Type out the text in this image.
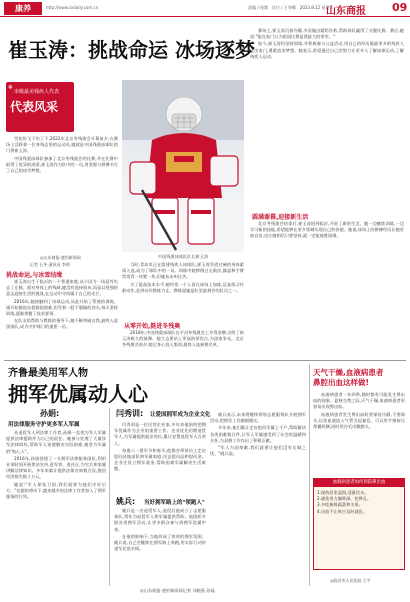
康养	http://www.sxdaily.com.cn	责编 / 视频　设计 / 王李娜　2023.8.12 星期六
山东商报 09
崔玉涛：挑战命运 冰场逐梦
❄
市级最美残疾人代表
代表风采

雪花纷飞下旬了下,2022年北京冬残奥会开幕前夕,在赛场上活跃着一位身残志坚的运动员,她就是中国残奥冰球队的门将崔玉涛。

中国残奥冰球队参加了北京冬残奥会的比赛,并在比赛中取得了优异的成绩,崔玉涛作为队中的一员,用坚强与拼搏书写了自己的冰雪梦想。

◎山东商报·速豹新闻网
记者 石冬 通讯员 李明
挑战命运,与冰雪结缘

崔玉涛出生于临沂的一个普通家庭,从小因为一场意外失去了左腿。面对身体上的残缺,她没有选择放弃,而是以坚强的意志迎接生活的挑战,在运动中寻找属于自己的光芒。

2016年,她接触到了冰球运动,从此开始了系统的训练。刚开始她连站稳都很困难,但凭着一股不服输的劲头,每天坚持训练,逐渐掌握了技术要领。

在队友的帮助与教练的指导下,她不断突破自我,最终入选国家队,成为守护球门的重要一员。

中国残奥冰球队队长崔玉涛

当时,青岛市正在组建残疾人冰球队,崔玉涛凭借过硬的身体素质入选,成为了球队中的一员。训练中她摔倒过无数次,膝盖和手臂常常青一块紫一块,但她从未叫过苦。

为了提高技术水平,她经常一个人留在冰场上加练,反复练习扑救动作,直到动作熟练为止。教练说她是队里最刻苦的队员之一。

从零开始,挺进冬残奥

2018年,中国残奥冰球队在平昌冬残奥会上夺得金牌,这给了崔玉涛极大的鼓舞。她立志要站上更高的领奖台,为国家争光。北京冬残奥会前夕,她全身心投入集训,最终入选参赛名单。

赛场上,崔玉涛沉着冷静,多次做出精彩扑救,帮助球队赢得了关键比赛。赛后,她说:"能在家门口为祖国比赛是我最大的荣幸。"

如今,崔玉涛仍坚持训练,并积极参与公益活动,用自己的经历鼓励更多的残疾人走出家门,勇敢追求梦想。她表示,希望通过自己的努力让更多人了解冰球运动,了解残疾人运动。

圆满谢幕,迎接新生活

北京冬残奥会结束后,崔玉涛回到临沂,开始了新的生活。她一边继续训练,一边学习新的技能,希望能够在更多领域实现自己的价值。她说,冰场上的拼搏经历让她更加自信,也让她相信只要坚持,就一定能战胜困难。

齐鲁最美用军人物
拥军优属动人心
孙娟:
用法律服务守护更多军人军属

从退役军人到法律工作者,孙娟一直把为军人军属提供法律援助作为自己的责任。她参与处理了大量涉军法律纠纷,帮助军人家庭解决实际困难,被誉为军属的"贴心人"。

2016年,孙娟创建了一支拥军法律服务团队,利用业余时间开展普法宣传,进军营、进社区,为官兵和家属讲解法律知识。多年来累计提供法律咨询数百次,挽回经济损失数十万元。

她说:"军人保家卫国,我们就要为他们守好后方。"在她的带动下,越来越多的法律工作者加入了拥军服务的行列。

闫秀训: 让爱国拥军成为企业文化

闫秀训是一位民营企业家,多年来他始终把拥军优属作为企业的重要工作。企业优先招聘退役军人,为军属提供就业岗位,累计安置退役军人百余人。

每逢八一建军节和春节,他都会带领员工走访慰问驻地部队和军属家庭,送去慰问品和慰问金。企业还设立拥军基金,帮助困难军属解决生活难题。

姚兵: 当好拥军路上的"领跑人"

姚兵是一名退役军人,退役后他成立了志愿服务队,常年为退役军人和军属提供帮助。他组织开展各类拥军活动,让更多群众参与到拥军优属中来。

在他的影响下,当地形成了浓厚的拥军氛围。姚兵说,自己会继续在拥军路上奔跑,用实际行动传递军民鱼水情。

姚兵表示,未来将继续带领志愿服务队开展拥军活动,把拥军工作做细做实。

多年来,他们累计走访慰问军属上千户,帮助解决各类困难数百件,让军人军属感受到了社会的温暖和关怀,为双拥工作作出了积极贡献。

"军人为国奉献,我们就要让他们没有后顾之忧。"姚兵说。

◎山东商报·速豹新闻网记者 刘晓燕 孙磊
天气干燥,血液病患者
鼻腔出血这样做!

血液病患者一年四季,随时都有可能发生鼻出血的现象。夏秋交替之际,天气干燥,血液病患者更容易出现鼻出血。

血液病患者发生鼻出血时要保持冷静,不要仰头,以免血液流入气管引起窒息。可以用手指按压鼻翼两侧,同时用冷毛巾敷额头。

血液病患者如何预防鼻出血
1.保持居室湿润,适量饮水。
2.避免用力擤鼻涕、挖鼻孔。
3.多吃新鲜蔬菜和水果。
4.出血不止时应及时就医。
◎临沂市人民医院 王平
